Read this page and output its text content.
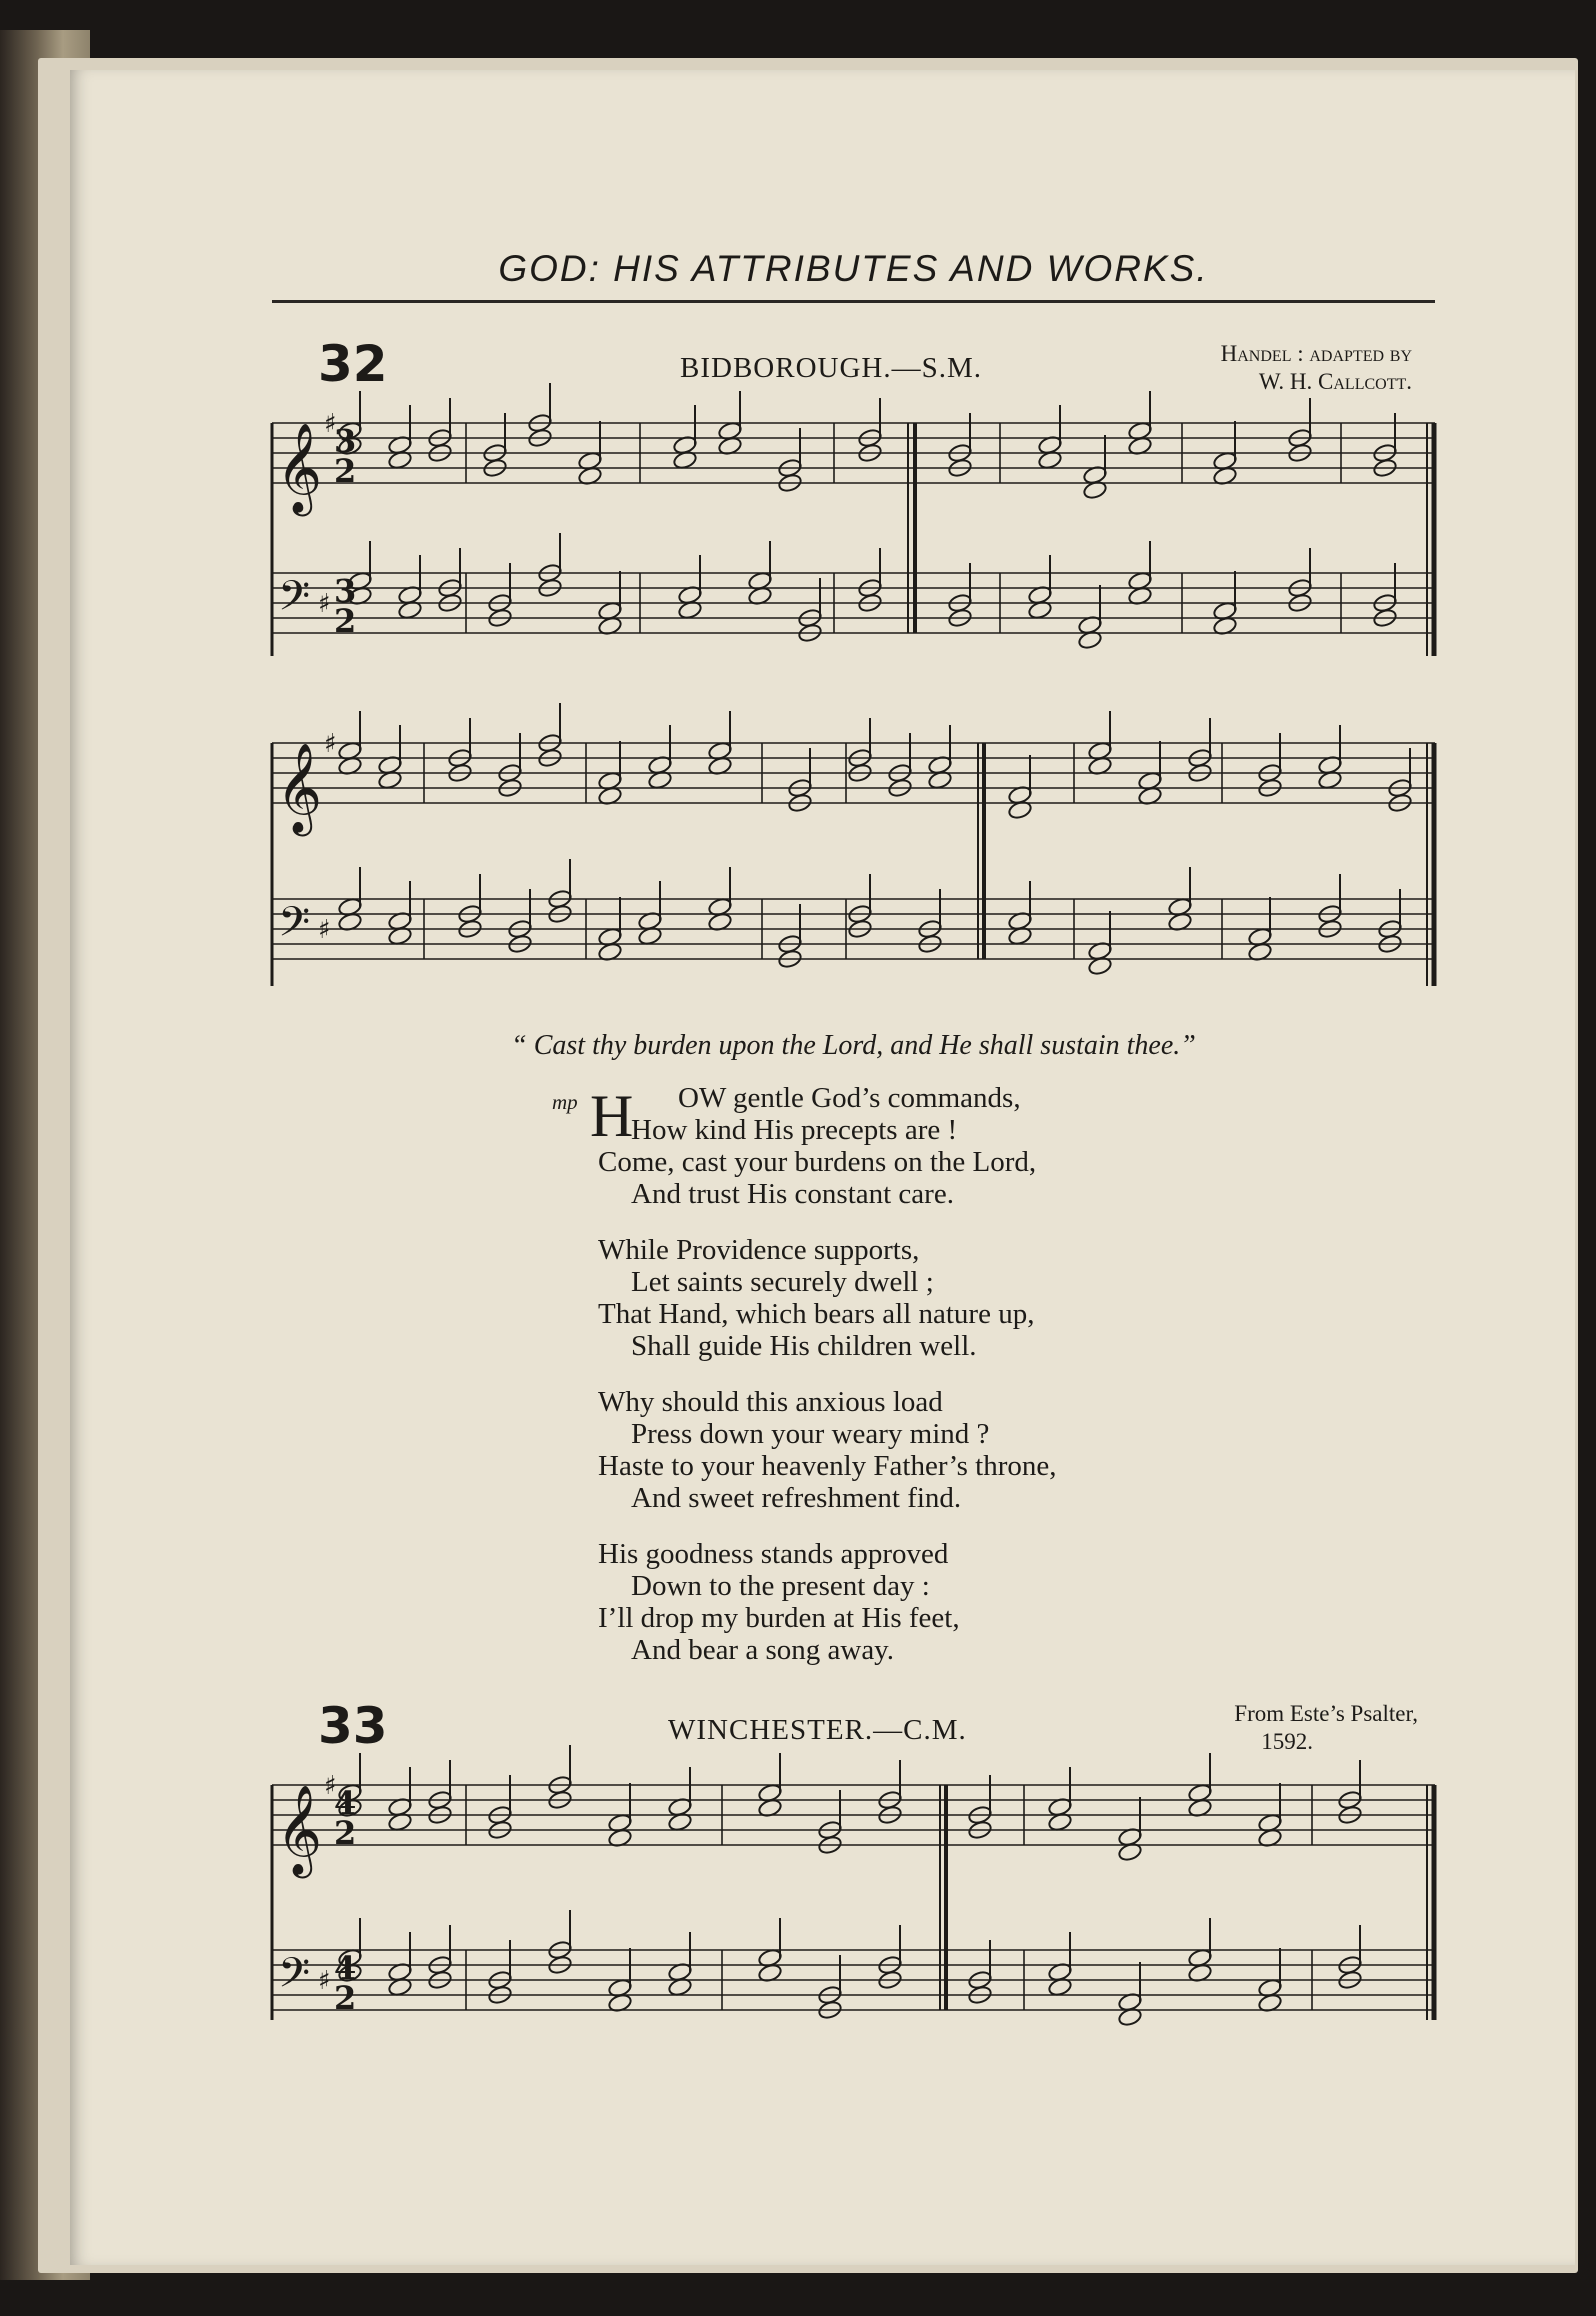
GOD: HIS ATTRIBUTES AND WORKS.
32	BIDBOROUGH.—S.M.	Handel : adapted by
W. H. Callcott.
𝄞
𝄢
♯
♯
𝄞
𝄢
♯
♯
𝄞
𝄢
♯
♯
3
2
3
2
4
2
4
2
“ Cast thy burden upon the Lord, and He shall sustain thee.”
mp H	OW gentle God’s commands,
How kind His precepts are !
Come, cast your burdens on the Lord,
And trust His constant care.
While Providence supports,
Let saints securely dwell ;
That Hand, which bears all nature up,
Shall guide His children well.
Why should this anxious load
Press down your weary mind ?
Haste to your heavenly Father’s throne,
And sweet refreshment find.
His goodness stands approved
Down to the present day :
I’ll drop my burden at His feet,
And bear a song away.
33	WINCHESTER.—C.M.
From Este’s Psalter,
1592.
